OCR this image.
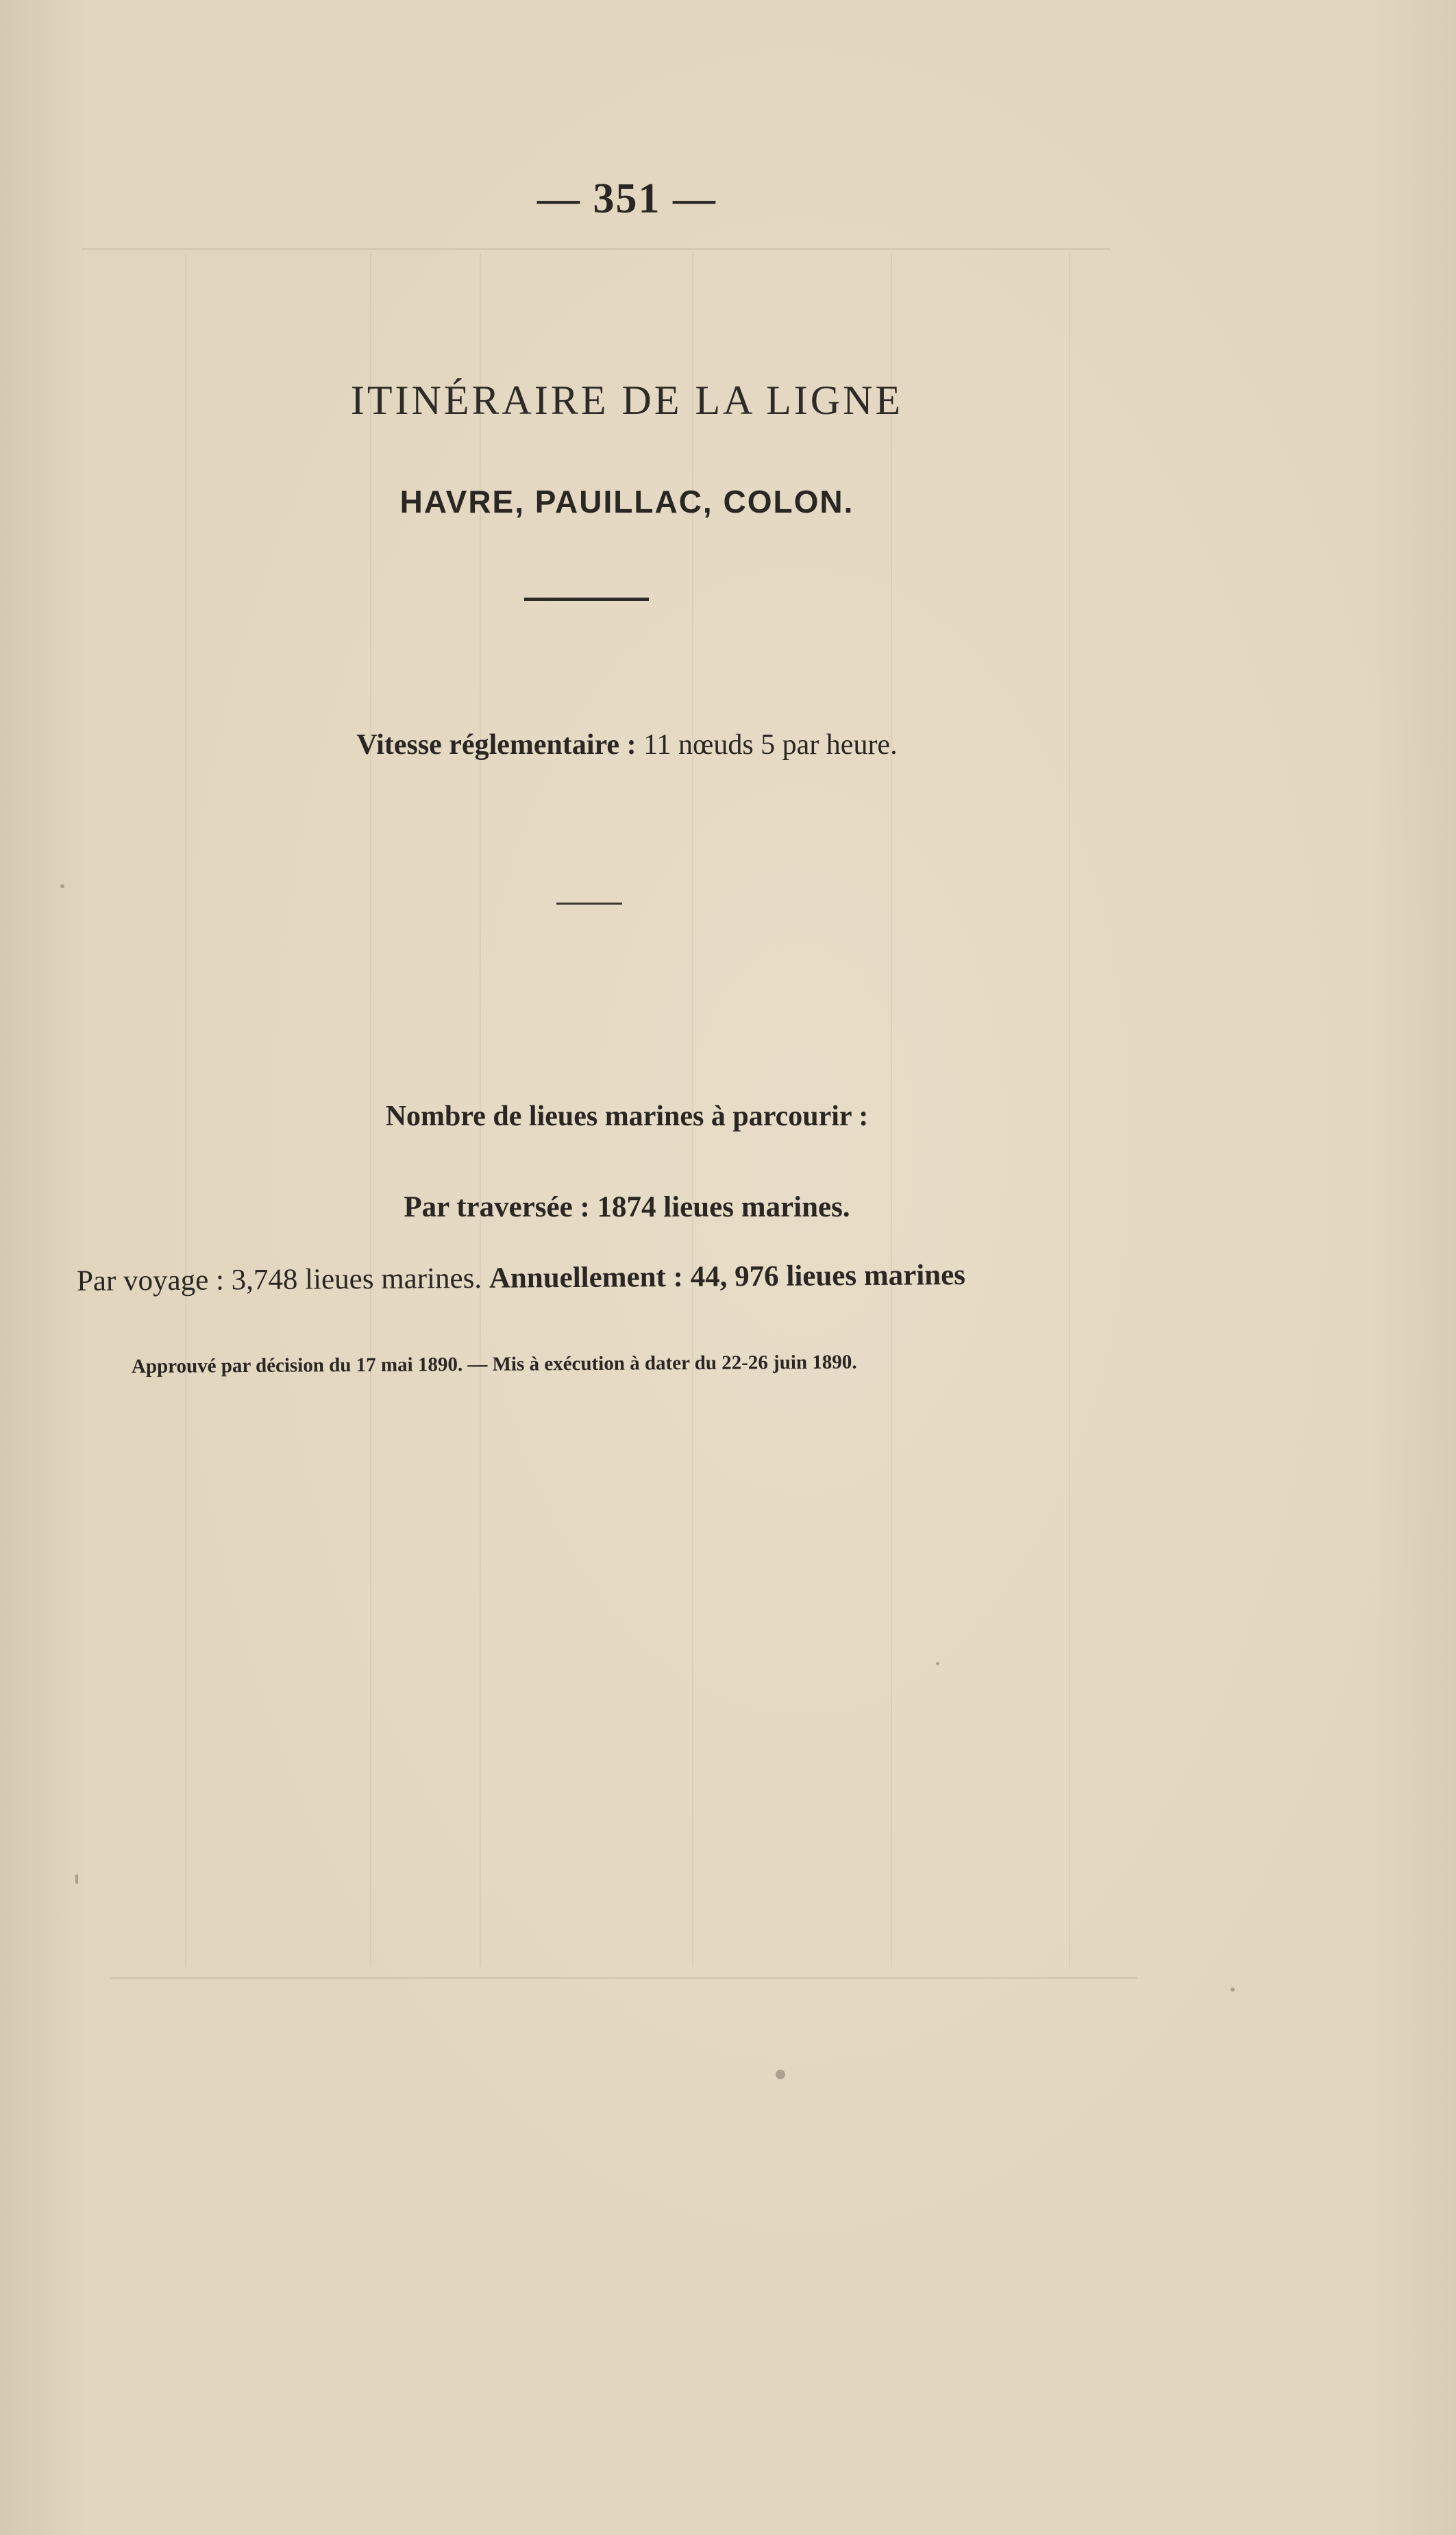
— 351 —
ITINÉRAIRE DE LA LIGNE
HAVRE, PAUILLAC, COLON.
Vitesse réglementaire : 11 nœuds 5 par heure.
Nombre de lieues marines à parcourir :
Par traversée : 1874 lieues marines.
Par voyage : 3,748 lieues marines. Annuellement : 44, 976 lieues marines
Approuvé par décision du 17 mai 1890. — Mis à exécution à dater du 22-26 juin 1890.
